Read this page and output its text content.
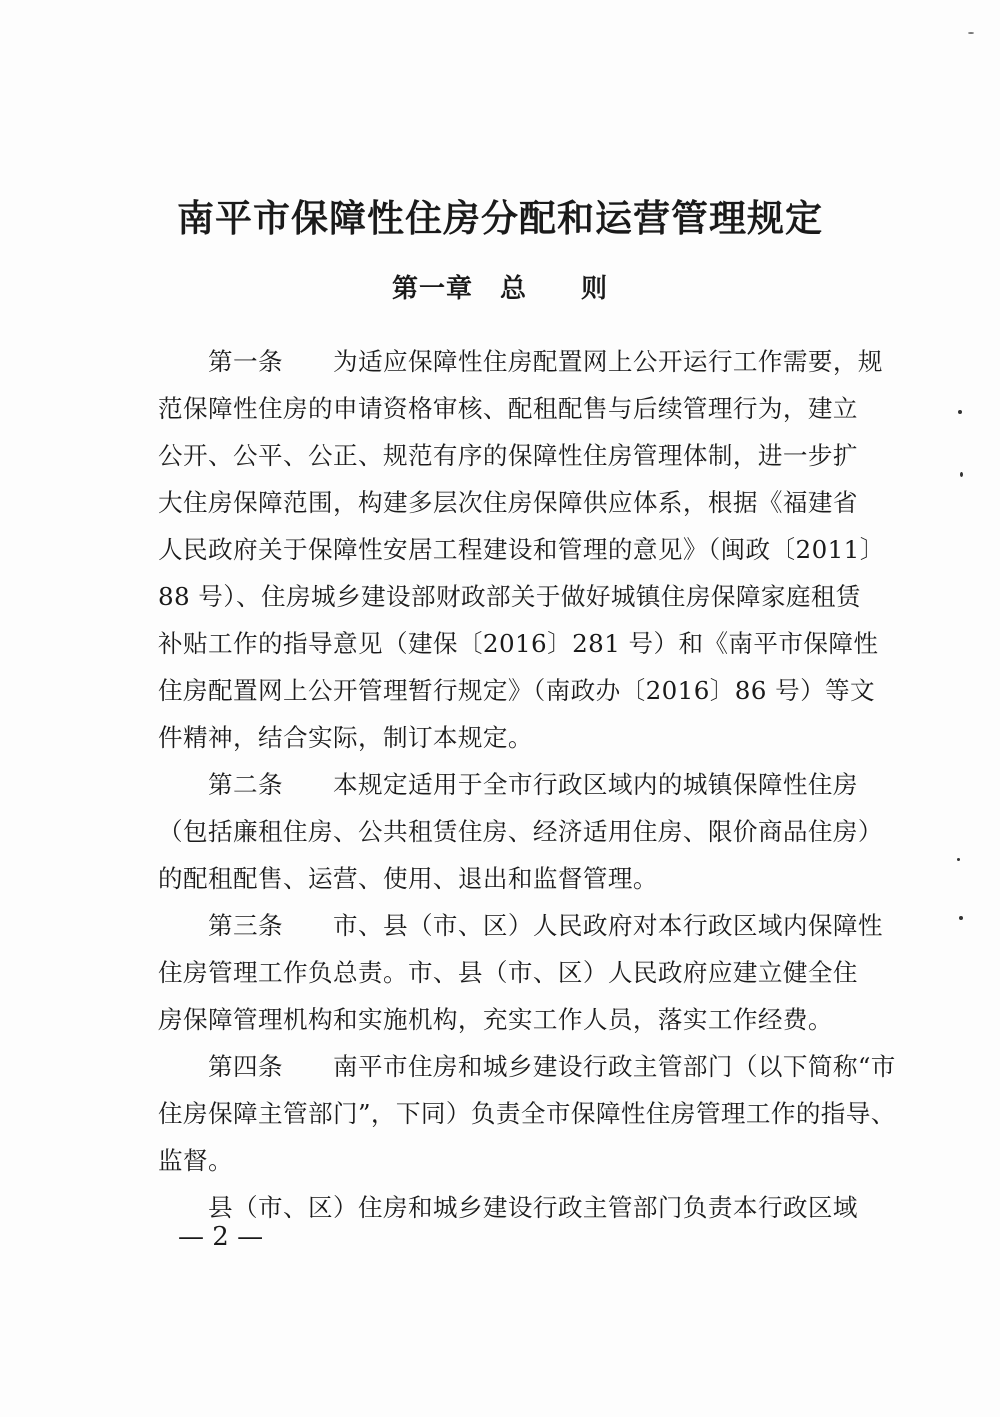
南平市保障性住房分配和运营管理规定
第一章　总　　则
　　第一条　　为适应保障性住房配置网上公开运行工作需要，规
范保障性住房的申请资格审核、配租配售与后续管理行为，建立
公开、公平、公正、规范有序的保障性住房管理体制，进一步扩
大住房保障范围，构建多层次住房保障供应体系，根据《福建省
人民政府关于保障性安居工程建设和管理的意见》（闽政〔2011〕
88 号）、住房城乡建设部财政部关于做好城镇住房保障家庭租赁
补贴工作的指导意见（建保〔2016〕281 号）和《南平市保障性
住房配置网上公开管理暂行规定》（南政办〔2016〕86 号）等文
件精神，结合实际，制订本规定。
　　第二条　　本规定适用于全市行政区域内的城镇保障性住房
（包括廉租住房、公共租赁住房、经济适用住房、限价商品住房）
的配租配售、运营、使用、退出和监督管理。
　　第三条　　市、县（市、区）人民政府对本行政区域内保障性
住房管理工作负总责。市、县（市、区）人民政府应建立健全住
房保障管理机构和实施机构，充实工作人员，落实工作经费。
　　第四条　　南平市住房和城乡建设行政主管部门（以下简称“市
住房保障主管部门”，下同）负责全市保障性住房管理工作的指导、
监督。
　　县（市、区）住房和城乡建设行政主管部门负责本行政区域
— 2 —
